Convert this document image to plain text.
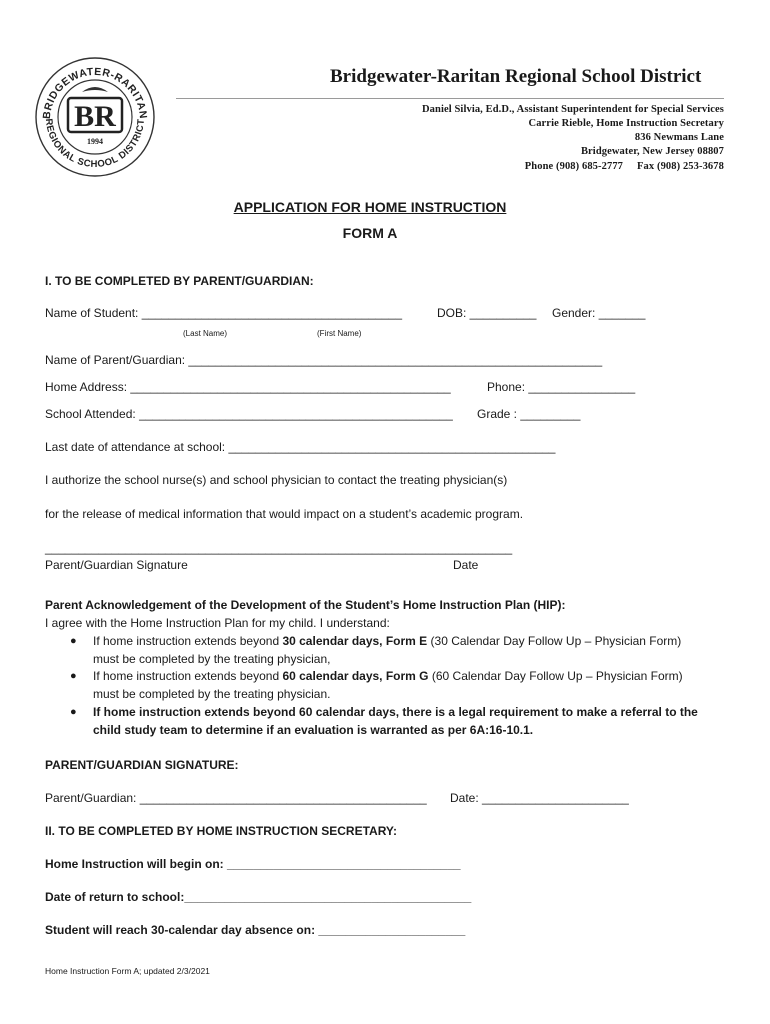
BRIDGEWATER-RARITAN
REGIONAL SCHOOL DISTRICT
BR
1994
Bridgewater-Raritan Regional School District
Daniel Silvia, Ed.D., Assistant Superintendent for Special Services
Carrie Rieble, Home Instruction Secretary
836 Newmans Lane
Bridgewater, New Jersey 08807
Phone (908) 685-2777 Fax (908) 253-3678
APPLICATION FOR HOME INSTRUCTION
FORM A
I. TO BE COMPLETED BY PARENT/GUARDIAN:
Name of Student: _______________________________________	DOB: __________ Gender: _______
(Last Name)	(First Name)
Name of Parent/Guardian: ______________________________________________________________
Home Address: ________________________________________________	Phone: ________________
School Attended: _______________________________________________ Grade : _________
Last date of attendance at school: _________________________________________________
I authorize the school nurse(s) and school physician to contact the treating physician(s)
for the release of medical information that would impact on a student’s academic program.
______________________________________________________________________
Parent/Guardian Signature	Date
Parent Acknowledgement of the Development of the Student’s Home Instruction Plan (HIP):
I agree with the Home Instruction Plan for my child. I understand:
● If home instruction extends beyond 30 calendar days, Form E (30 Calendar Day Follow Up – Physician Form)
must be completed by the treating physician,
● If home instruction extends beyond 60 calendar days, Form G (60 Calendar Day Follow Up – Physician Form)
must be completed by the treating physician.
● If home instruction extends beyond 60 calendar days, there is a legal requirement to make a referral to the
child study team to determine if an evaluation is warranted as per 6A:16-10.1.
PARENT/GUARDIAN SIGNATURE:
Parent/Guardian: ___________________________________________ Date: ______________________
II. TO BE COMPLETED BY HOME INSTRUCTION SECRETARY:
Home Instruction will begin on: ___________________________________
Date of return to school:___________________________________________
Student will reach 30-calendar day absence on: ______________________
Home Instruction Form A; updated 2/3/2021
